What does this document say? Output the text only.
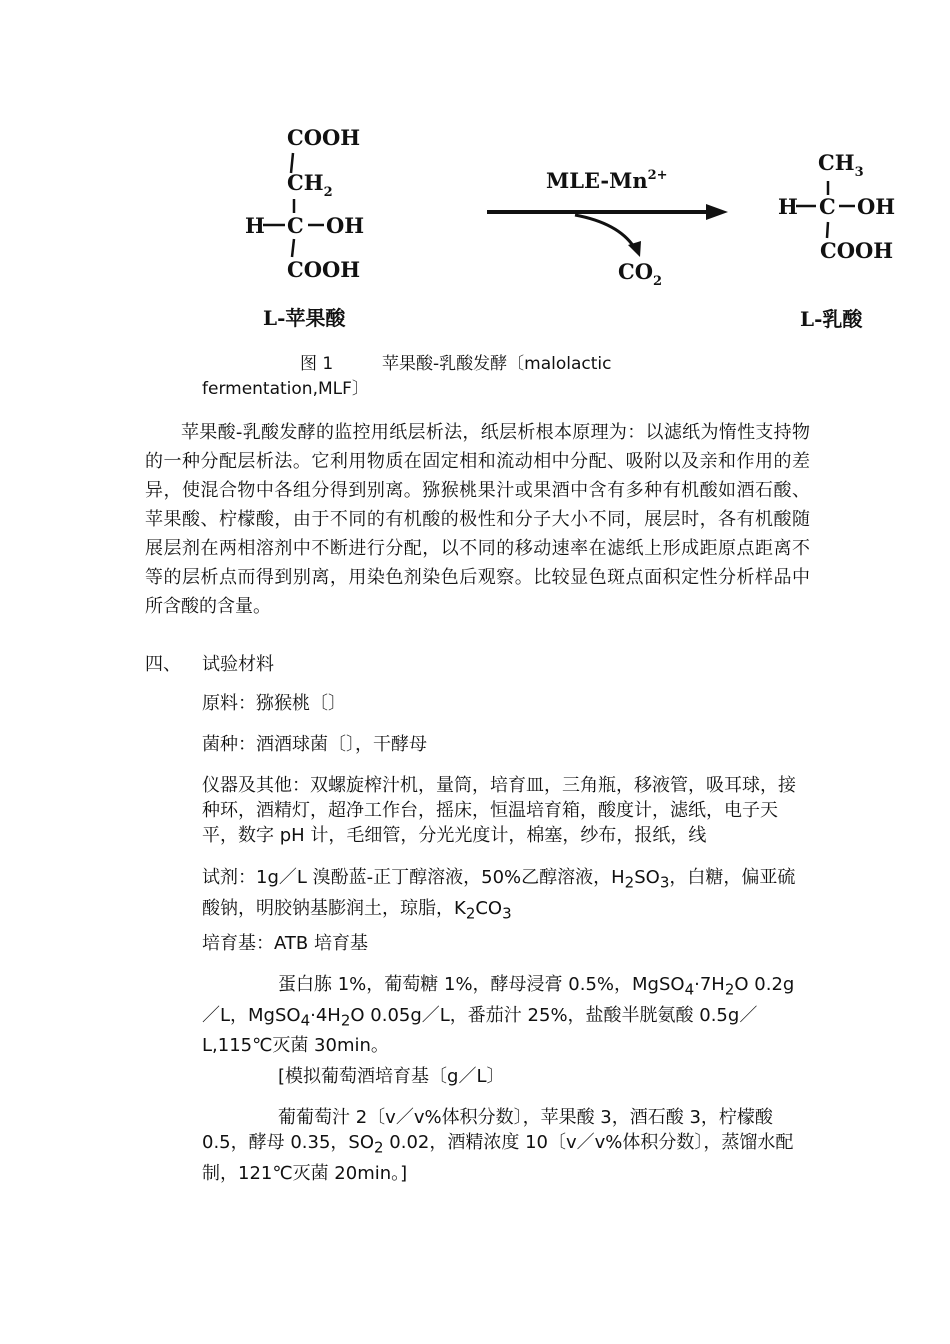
COOH
$CH_2$
H C OH
COOH
L-苹果酸
MLE-$Mn^{2+}$
$CO_2$
$CH_3$
H C OH
COOH
L-乳酸
图 1	苹果酸-乳酸发酵〔malolactic
fermentation,MLF〕
苹果酸-乳酸发酵的监控用纸层析法，纸层析根本原理为：以滤纸为惰性支持物的一种分配层析法。它利用物质在固定相和流动相中分配、吸附以及亲和作用的差异，使混合物中各组分得到别离。猕猴桃果汁或果酒中含有多种有机酸如酒石酸、苹果酸、柠檬酸，由于不同的有机酸的极性和分子大小不同，展层时，各有机酸随展层剂在两相溶剂中不断进行分配，以不同的移动速率在滤纸上形成距原点距离不等的层析点而得到别离，用染色剂染色后观察。比较显色斑点面积定性分析样品中所含酸的含量。
四、 试验材料
原料：猕猴桃〔〕
菌种：酒酒球菌〔〕，干酵母
仪器及其他：双螺旋榨汁机，量筒，培育皿，三角瓶，移液管，吸耳球，接种环，酒精灯，超净工作台，摇床，恒温培育箱，酸度计，滤纸，电子天平，数字 pH 计，毛细管，分光光度计，棉塞，纱布，报纸，线
试剂：1g／L 溴酚蓝-正丁醇溶液，50%乙醇溶液，$H_2SO_3$，白糖，偏亚硫酸钠，明胶钠基膨润土，琼脂，$K_2CO_3$
培育基：ATB 培育基
蛋白胨 1%，葡萄糖 1%，酵母浸膏 0.5%，$MgSO_4\cdot 7H_2O$ 0.2g／L，$MgSO_4\cdot 4H_2O$ 0.05g／L，番茄汁 25%，盐酸半胱氨酸 0.5g／L,115℃灭菌 30min。
[模拟葡萄酒培育基〔g／L〕
葡葡萄汁 2〔v／v%体积分数〕，苹果酸 3，酒石酸 3，柠檬酸 0.5，酵母 0.35，$SO_2$ 0.02，酒精浓度 10〔v／v%体积分数〕，蒸馏水配制，121℃灭菌 20min。]
